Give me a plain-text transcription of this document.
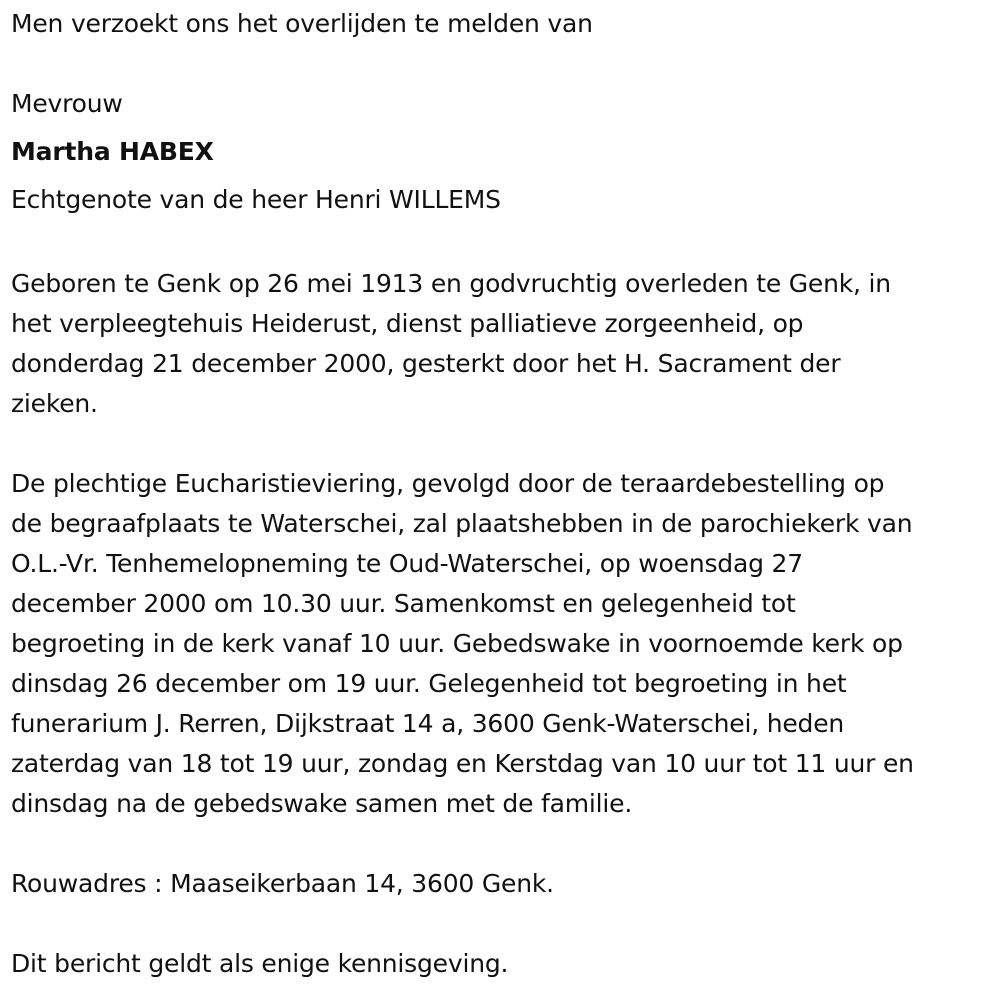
Men verzoekt ons het overlijden te melden van
Mevrouw
Martha HABEX
Echtgenote van de heer Henri WILLEMS
Geboren te Genk op 26 mei 1913 en godvruchtig overleden te Genk, in
het verpleegtehuis Heiderust, dienst palliatieve zorgeenheid, op
donderdag 21 december 2000, gesterkt door het H. Sacrament der
zieken.
De plechtige Eucharistieviering, gevolgd door de teraardebestelling op
de begraafplaats te Waterschei, zal plaatshebben in de parochiekerk van
O.L.-Vr. Tenhemelopneming te Oud-Waterschei, op woensdag 27
december 2000 om 10.30 uur. Samenkomst en gelegenheid tot
begroeting in de kerk vanaf 10 uur. Gebedswake in voornoemde kerk op
dinsdag 26 december om 19 uur. Gelegenheid tot begroeting in het
funerarium J. Rerren, Dijkstraat 14 a, 3600 Genk-Waterschei, heden
zaterdag van 18 tot 19 uur, zondag en Kerstdag van 10 uur tot 11 uur en
dinsdag na de gebedswake samen met de familie.
Rouwadres : Maaseikerbaan 14, 3600 Genk.
Dit bericht geldt als enige kennisgeving.
